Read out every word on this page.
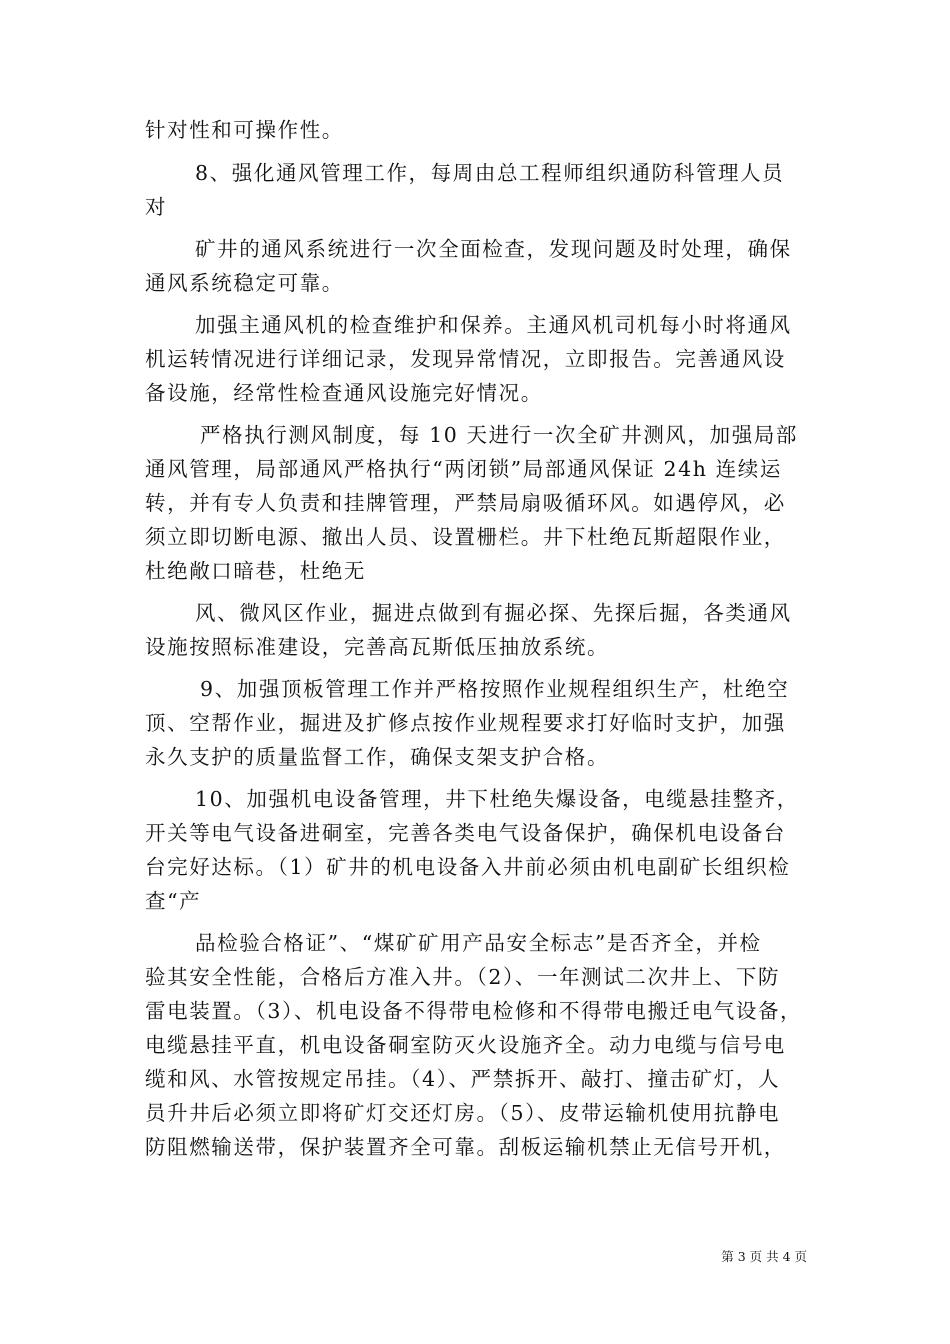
针对性和可操作性。
8、强化通风管理工作，每周由总工程师组织通防科管理人员
对
矿井的通风系统进行一次全面检查，发现问题及时处理，确保
通风系统稳定可靠。
加强主通风机的检查维护和保养。主通风机司机每小时将通风
机运转情况进行详细记录，发现异常情况，立即报告。完善通风设
备设施，经常性检查通风设施完好情况。
严格执行测风制度，每 10 天进行一次全矿井测风，加强局部
通风管理，局部通风严格执行“两闭锁”局部通风保证 24h 连续运
转，并有专人负责和挂牌管理，严禁局扇吸循环风。如遇停风，必
须立即切断电源、撤出人员、设置栅栏。井下杜绝瓦斯超限作业，
杜绝敞口暗巷，杜绝无
风、微风区作业，掘进点做到有掘必探、先探后掘，各类通风
设施按照标准建设，完善高瓦斯低压抽放系统。
9、加强顶板管理工作并严格按照作业规程组织生产，杜绝空
顶、空帮作业，掘进及扩修点按作业规程要求打好临时支护，加强
永久支护的质量监督工作，确保支架支护合格。
10、加强机电设备管理，井下杜绝失爆设备，电缆悬挂整齐，
开关等电气设备进硐室，完善各类电气设备保护，确保机电设备台
台完好达标。（1）矿井的机电设备入井前必须由机电副矿长组织检
查“产
品检验合格证”、“煤矿矿用产品安全标志”是否齐全，并检
验其安全性能，合格后方准入井。（2）、一年测试二次井上、下防
雷电装置。（3）、机电设备不得带电检修和不得带电搬迁电气设备，
电缆悬挂平直，机电设备硐室防灭火设施齐全。动力电缆与信号电
缆和风、水管按规定吊挂。（4）、严禁拆开、敲打、撞击矿灯，人
员升井后必须立即将矿灯交还灯房。（5）、皮带运输机使用抗静电
防阻燃输送带，保护装置齐全可靠。刮板运输机禁止无信号开机，
第 3 页 共 4 页
